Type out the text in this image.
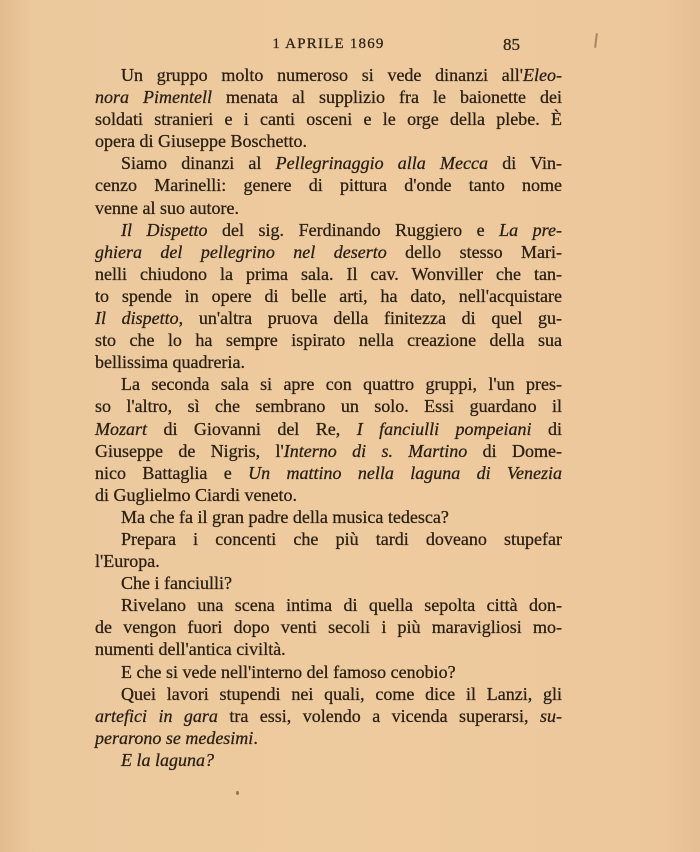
1 APRILE 1869	85
Un gruppo molto numeroso si vede dinanzi all'Eleo-
nora Pimentell menata al supplizio fra le baionette dei
soldati stranieri e i canti osceni e le orge della plebe. È
opera di Giuseppe Boschetto.
Siamo dinanzi al Pellegrinaggio alla Mecca di Vin-
cenzo Marinelli: genere di pittura d'onde tanto nome
venne al suo autore.
Il Dispetto del sig. Ferdinando Ruggiero e La pre-
ghiera del pellegrino nel deserto dello stesso Mari-
nelli chiudono la prima sala. Il cav. Wonviller che tan-
to spende in opere di belle arti, ha dato, nell'acquistare
Il dispetto, un'altra pruova della finitezza di quel gu-
sto che lo ha sempre ispirato nella creazione della sua
bellissima quadreria.
La seconda sala si apre con quattro gruppi, l'un pres-
so l'altro, sì che sembrano un solo. Essi guardano il
Mozart di Giovanni del Re, I fanciulli pompeiani di
Giuseppe de Nigris, l'Interno di s. Martino di Dome-
nico Battaglia e Un mattino nella laguna di Venezia
di Guglielmo Ciardi veneto.
Ma che fa il gran padre della musica tedesca?
Prepara i concenti che più tardi doveano stupefar
l'Europa.
Che i fanciulli?
Rivelano una scena intima di quella sepolta città don-
de vengon fuori dopo venti secoli i più maravigliosi mo-
numenti dell'antica civiltà.
E che si vede nell'interno del famoso cenobio?
Quei lavori stupendi nei quali, come dice il Lanzi, gli
artefici in gara tra essi, volendo a vicenda superarsi, su-
perarono se medesimi.
E la laguna?
